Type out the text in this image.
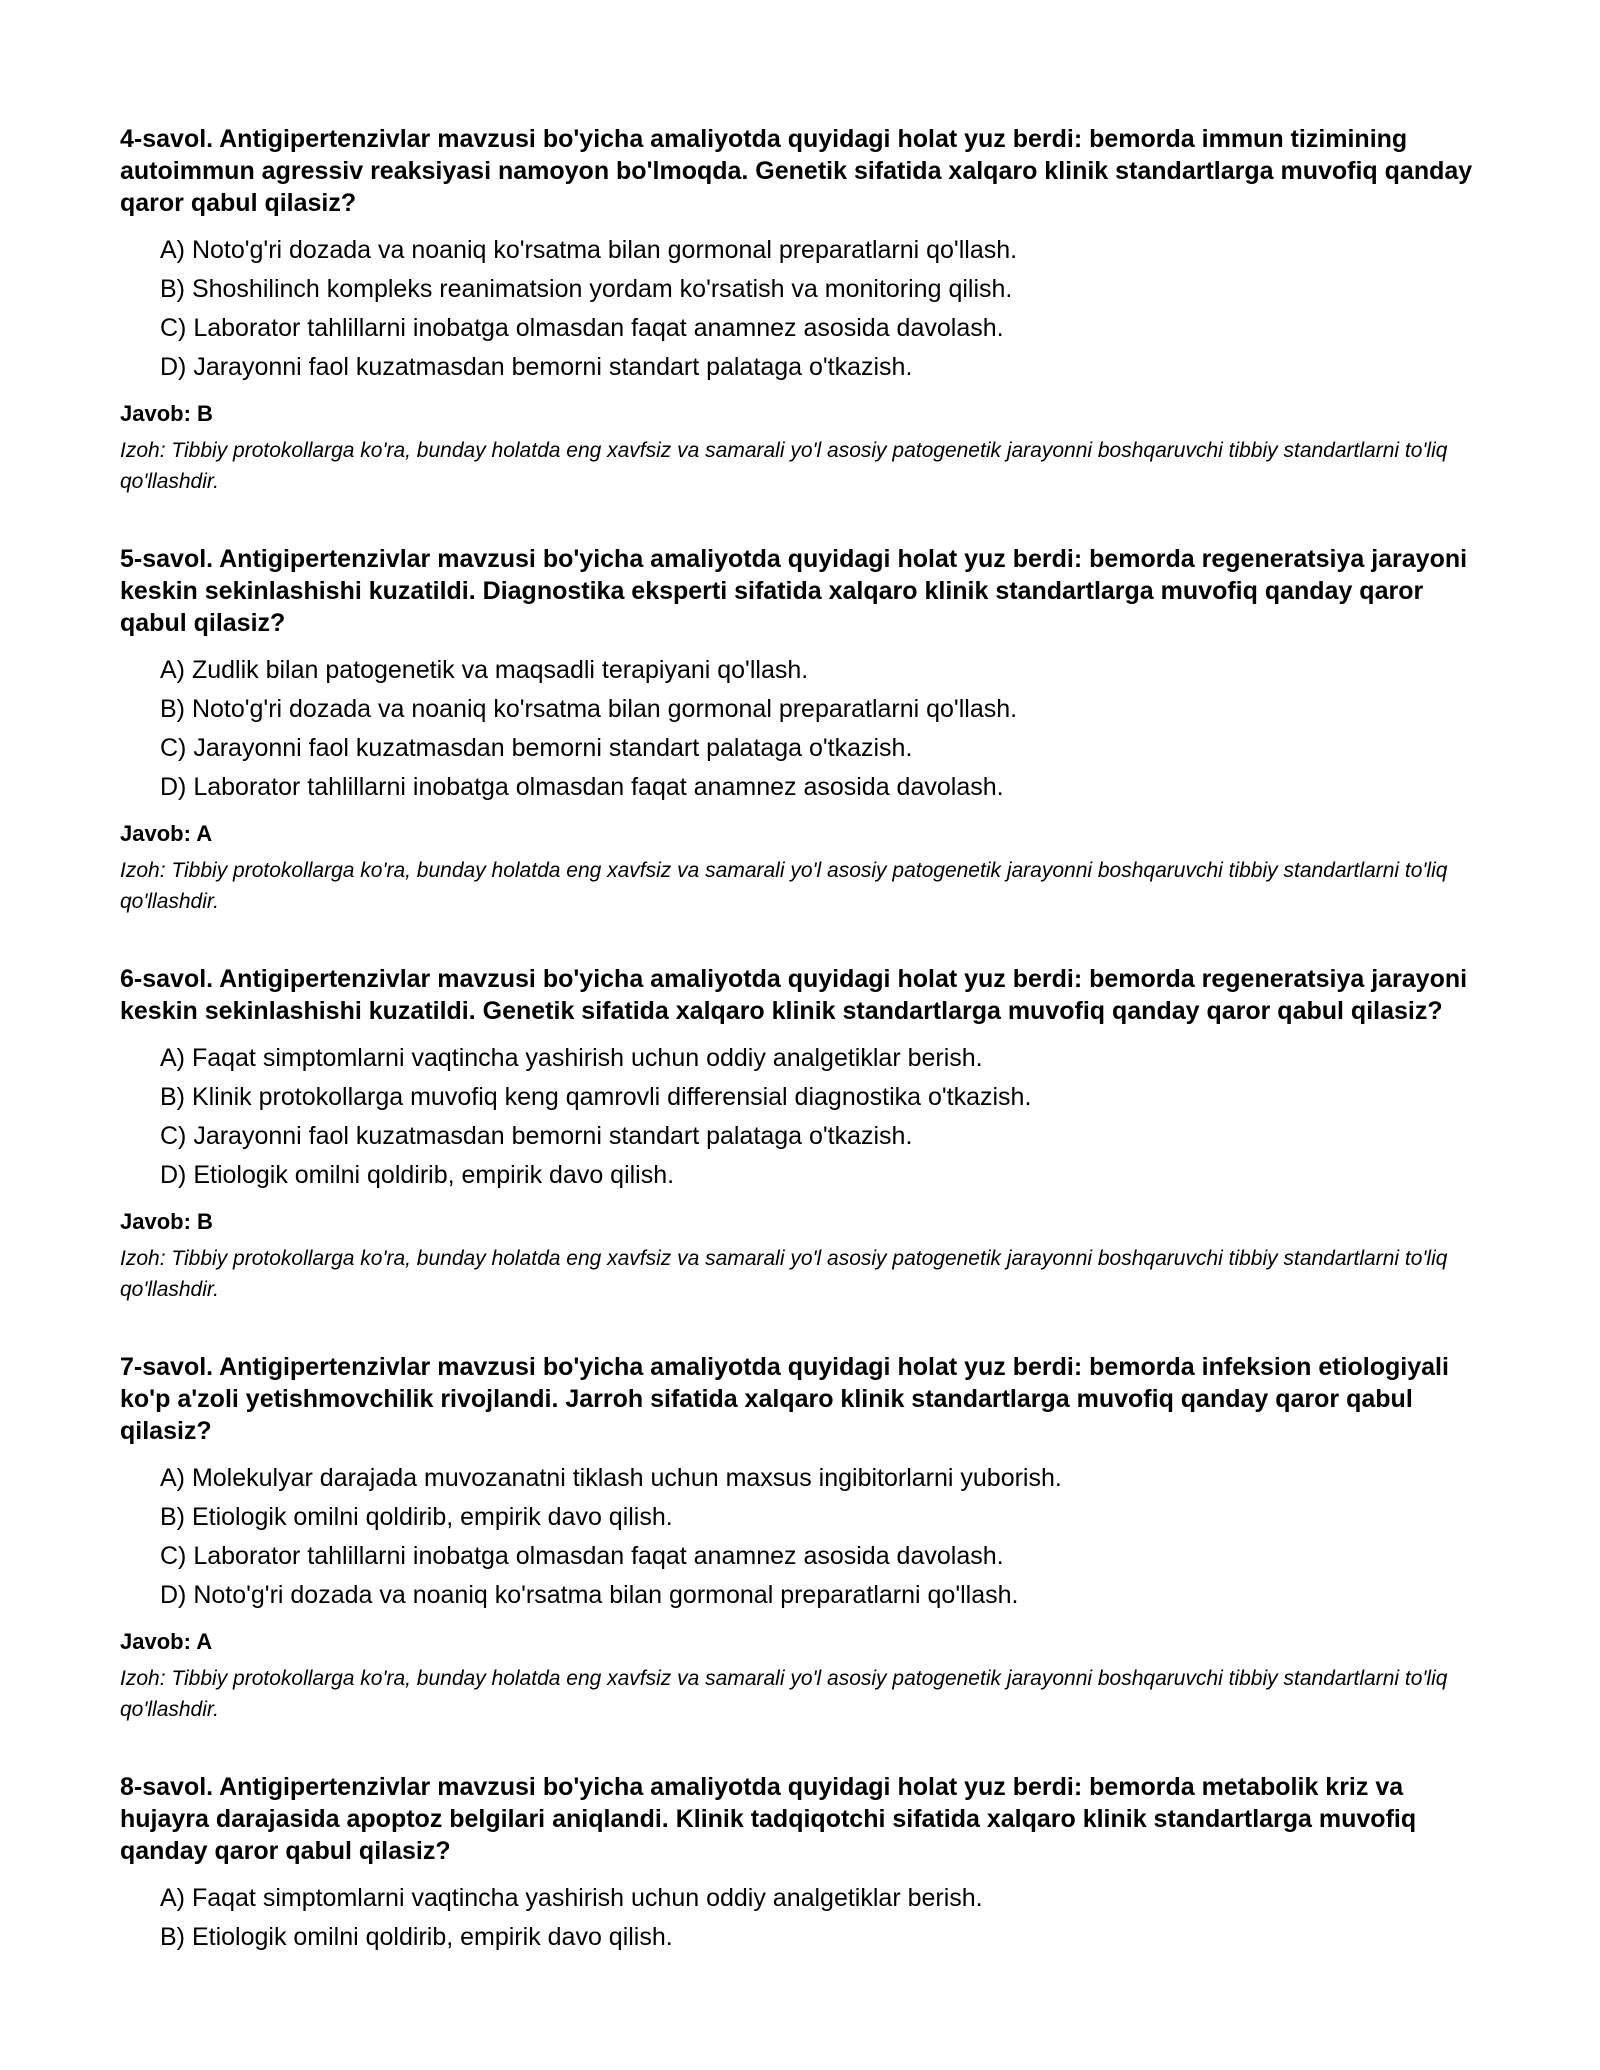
4-savol. Antigipertenzivlar mavzusi bo'yicha amaliyotda quyidagi holat yuz berdi: bemorda immun tizimining autoimmun agressiv reaksiyasi namoyon bo'lmoqda. Genetik sifatida xalqaro klinik standartlarga muvofiq qanday qaror qabul qilasiz?

A) Noto'g'ri dozada va noaniq ko'rsatma bilan gormonal preparatlarni qo'llash.
B) Shoshilinch kompleks reanimatsion yordam ko'rsatish va monitoring qilish.
C) Laborator tahlillarni inobatga olmasdan faqat anamnez asosida davolash.
D) Jarayonni faol kuzatmasdan bemorni standart palataga o'tkazish.

Javob: B

Izoh: Tibbiy protokollarga ko'ra, bunday holatda eng xavfsiz va samarali yo'l asosiy patogenetik jarayonni boshqaruvchi tibbiy standartlarni to'liq qo'llashdir.

5-savol. Antigipertenzivlar mavzusi bo'yicha amaliyotda quyidagi holat yuz berdi: bemorda regeneratsiya jarayoni keskin sekinlashishi kuzatildi. Diagnostika eksperti sifatida xalqaro klinik standartlarga muvofiq qanday qaror qabul qilasiz?

A) Zudlik bilan patogenetik va maqsadli terapiyani qo'llash.
B) Noto'g'ri dozada va noaniq ko'rsatma bilan gormonal preparatlarni qo'llash.
C) Jarayonni faol kuzatmasdan bemorni standart palataga o'tkazish.
D) Laborator tahlillarni inobatga olmasdan faqat anamnez asosida davolash.

Javob: A

Izoh: Tibbiy protokollarga ko'ra, bunday holatda eng xavfsiz va samarali yo'l asosiy patogenetik jarayonni boshqaruvchi tibbiy standartlarni to'liq qo'llashdir.

6-savol. Antigipertenzivlar mavzusi bo'yicha amaliyotda quyidagi holat yuz berdi: bemorda regeneratsiya jarayoni keskin sekinlashishi kuzatildi. Genetik sifatida xalqaro klinik standartlarga muvofiq qanday qaror qabul qilasiz?

A) Faqat simptomlarni vaqtincha yashirish uchun oddiy analgetiklar berish.
B) Klinik protokollarga muvofiq keng qamrovli differensial diagnostika o'tkazish.
C) Jarayonni faol kuzatmasdan bemorni standart palataga o'tkazish.
D) Etiologik omilni qoldirib, empirik davo qilish.

Javob: B

Izoh: Tibbiy protokollarga ko'ra, bunday holatda eng xavfsiz va samarali yo'l asosiy patogenetik jarayonni boshqaruvchi tibbiy standartlarni to'liq qo'llashdir.

7-savol. Antigipertenzivlar mavzusi bo'yicha amaliyotda quyidagi holat yuz berdi: bemorda infeksion etiologiyali ko'p a'zoli yetishmovchilik rivojlandi. Jarroh sifatida xalqaro klinik standartlarga muvofiq qanday qaror qabul qilasiz?

A) Molekulyar darajada muvozanatni tiklash uchun maxsus ingibitorlarni yuborish.
B) Etiologik omilni qoldirib, empirik davo qilish.
C) Laborator tahlillarni inobatga olmasdan faqat anamnez asosida davolash.
D) Noto'g'ri dozada va noaniq ko'rsatma bilan gormonal preparatlarni qo'llash.

Javob: A

Izoh: Tibbiy protokollarga ko'ra, bunday holatda eng xavfsiz va samarali yo'l asosiy patogenetik jarayonni boshqaruvchi tibbiy standartlarni to'liq qo'llashdir.

8-savol. Antigipertenzivlar mavzusi bo'yicha amaliyotda quyidagi holat yuz berdi: bemorda metabolik kriz va hujayra darajasida apoptoz belgilari aniqlandi. Klinik tadqiqotchi sifatida xalqaro klinik standartlarga muvofiq qanday qaror qabul qilasiz?

A) Faqat simptomlarni vaqtincha yashirish uchun oddiy analgetiklar berish.
B) Etiologik omilni qoldirib, empirik davo qilish.
